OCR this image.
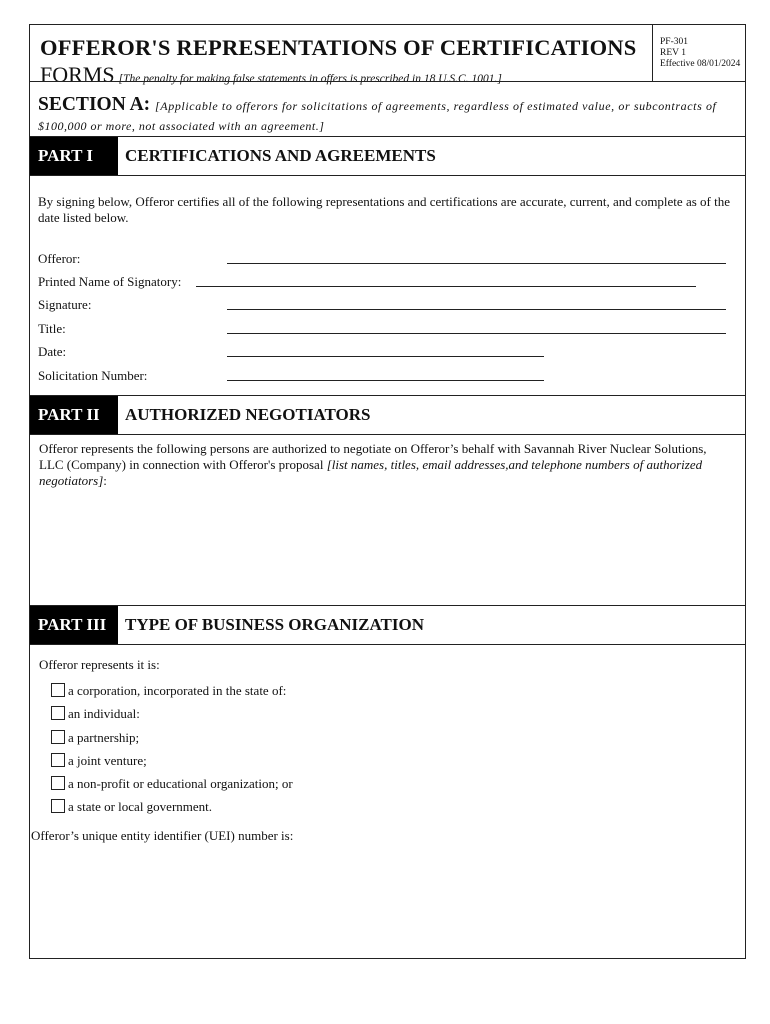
OFFEROR'S REPRESENTATIONS OF CERTIFICATIONS
FORMS [The penalty for making false statements in offers is prescribed in 18 U.S.C. 1001.]
PF-301
REV 1
Effective 08/01/2024
SECTION A: [Applicable to offerors for solicitations of agreements, regardless of estimated value, or subcontracts of
$100,000 or more, not associated with an agreement.]
PART I	CERTIFICATIONS AND AGREEMENTS
By signing below, Offeror certifies all of the following representations and certifications are accurate, current, and complete as of the date listed below.
Offeror:
Printed Name of Signatory:
Signature:
Title:
Date:
Solicitation Number:
PART II	AUTHORIZED NEGOTIATORS
Offeror represents the following persons are authorized to negotiate on Offeror’s behalf with Savannah River Nuclear Solutions, LLC (Company) in connection with Offeror's proposal [list names, titles, email addresses,and telephone numbers of authorized negotiators]:
PART III	TYPE OF BUSINESS ORGANIZATION
Offeror represents it is:
a corporation, incorporated in the state of:
an individual:
a partnership;
a joint venture;
a non-profit or educational organization; or
a state or local government.
Offeror’s unique entity identifier (UEI) number is:
